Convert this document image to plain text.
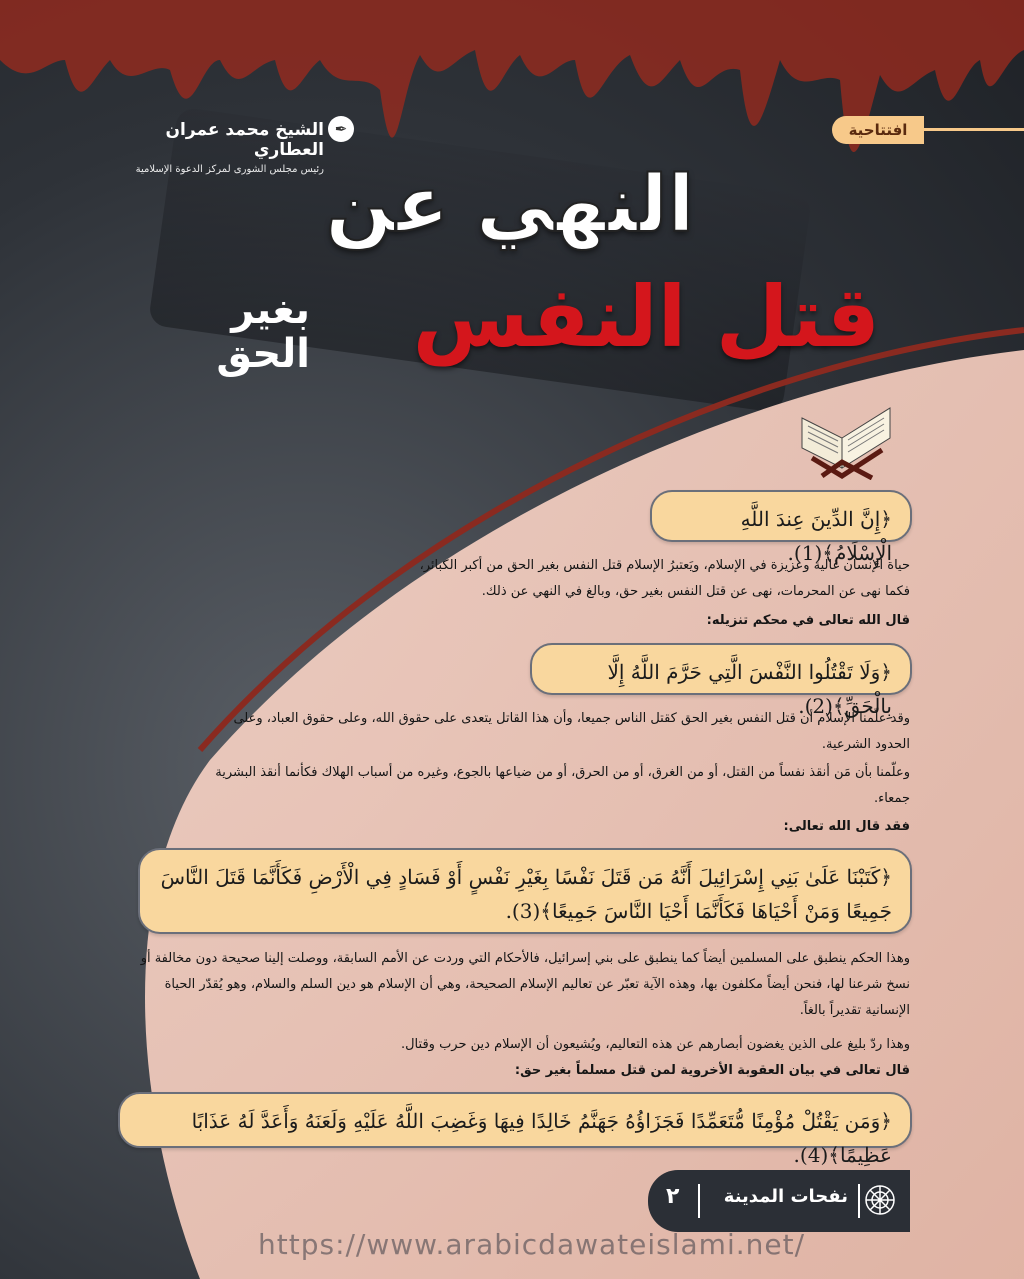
افتتاحية
✒
الشيخ محمد عمران العطاري
رئيس مجلس الشورى لمركز الدعوة الإسلامية النهي عن
قتل النفس
بغير
الحق
﴿إِنَّ الدِّينَ عِندَ اللَّهِ الْإِسْلَامُ﴾(1).
حياة الإنسان غالية وعزيزة في الإسلام، ويَعتبرُ الإسلام قتل النفس بغير الحق من أكبر الكبائر، فكما نهى عن المحرمات، نهى عن قتل النفس بغير حق، وبالغ في النهي عن ذلك.
قال الله تعالى في محكم تنزيله:
﴿وَلَا تَقْتُلُوا النَّفْسَ الَّتِي حَرَّمَ اللَّهُ إِلَّا بِالْحَقِّ﴾(2).
وقد علّمنا الإسلام أن قتل النفس بغير الحق كقتل الناس جميعا، وأن هذا القاتل يتعدى على حقوق الله، وعلى حقوق العباد، وعلى الحدود الشرعية.
وعلّمنا بأن مَن أنقذ نفساً من القتل، أو من الغرق، أو من الحرق، أو من ضياعها بالجوع، وغيره من أسباب الهلاك فكأنما أنقذ البشرية جمعاء.
فقد قال الله تعالى:
﴿كَتَبْنَا عَلَىٰ بَنِي إِسْرَائِيلَ أَنَّهُ مَن قَتَلَ نَفْسًا بِغَيْرِ نَفْسٍ أَوْ فَسَادٍ فِي الْأَرْضِ فَكَأَنَّمَا قَتَلَ النَّاسَ جَمِيعًا وَمَنْ أَحْيَاهَا فَكَأَنَّمَا أَحْيَا النَّاسَ جَمِيعًا﴾(3).
وهذا الحكم ينطبق على المسلمين أيضاً كما ينطبق على بني إسرائيل، فالأحكام التي وردت عن الأمم السابقة، ووصلت إلينا صحيحة دون مخالفة أو نسخ شرعنا لها، فنحن أيضاً مكلفون بها، وهذه الآية تعبّر عن تعاليم الإسلام الصحيحة، وهي أن الإسلام هو دين السلم والسلام، وهو يُقدّر الحياة الإنسانية تقديراً بالغاً.
وهذا ردّ بليغ على الذين يغضون أبصارهم عن هذه التعاليم، ويُشيعون أن الإسلام دين حرب وقتال.
قال تعالى في بيان العقوبة الأخروية لمن قتل مسلماً بغير حق:
﴿وَمَن يَقْتُلْ مُؤْمِنًا مُّتَعَمِّدًا فَجَزَاؤُهُ جَهَنَّمُ خَالِدًا فِيهَا وَغَضِبَ اللَّهُ عَلَيْهِ وَلَعَنَهُ وَأَعَدَّ لَهُ عَذَابًا عَظِيمًا﴾(4).
نفحات المدينة
٢
https://www.arabicdawateislami.net/
